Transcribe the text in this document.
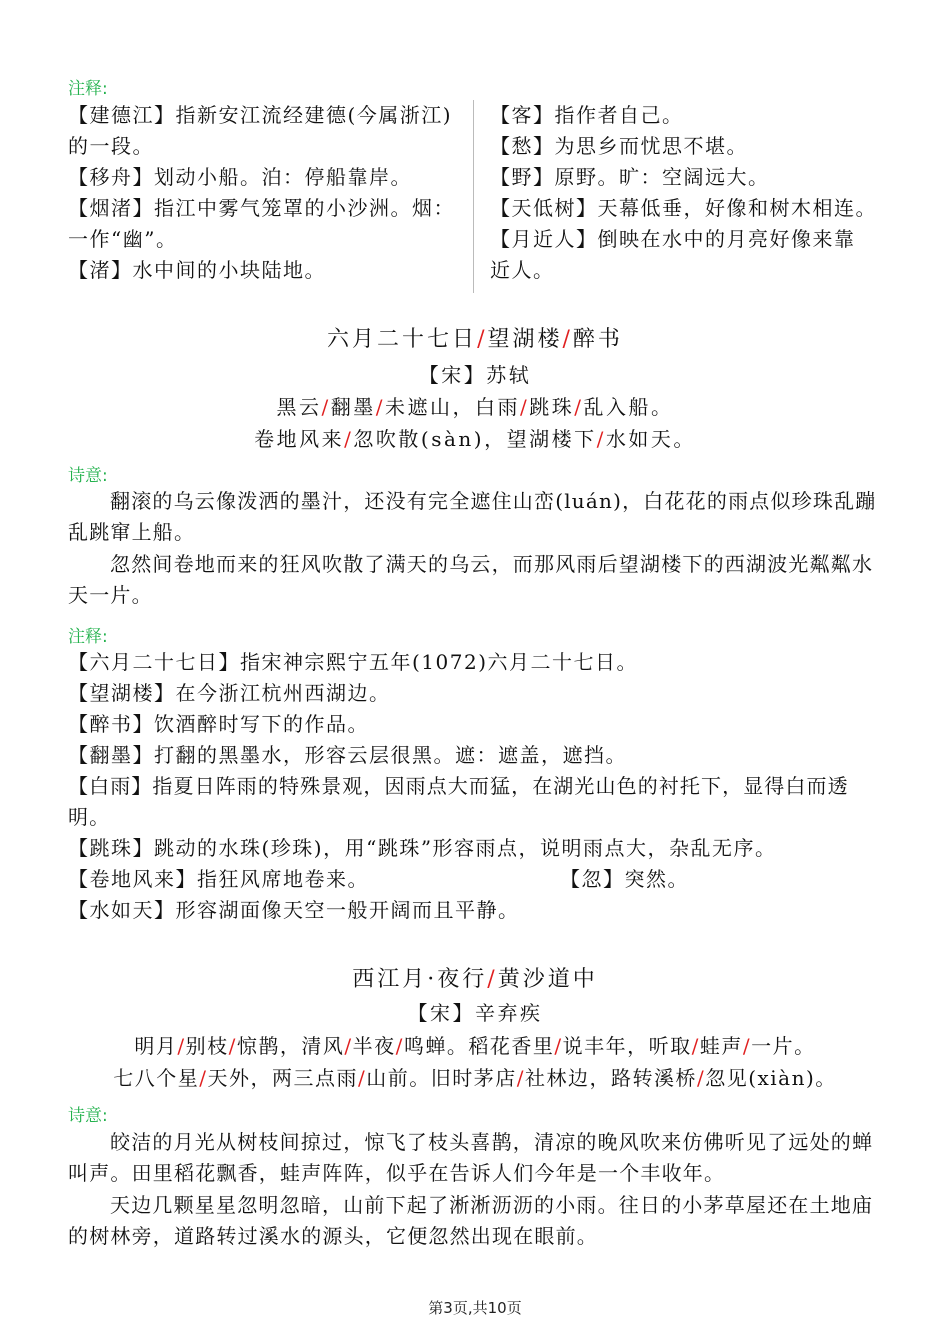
注释:
【建德江】指新安江流经建德(今属浙江)
的一段。
【移舟】划动小船。泊：停船靠岸。
【烟渚】指江中雾气笼罩的小沙洲。烟：
一作“幽”。
【渚】水中间的小块陆地。
【客】指作者自己。
【愁】为思乡而忧思不堪。
【野】原野。旷：空阔远大。
【天低树】天幕低垂，好像和树木相连。
【月近人】倒映在水中的月亮好像来靠
近人。
六月二十七日/望湖楼/醉书
【宋】苏轼
黑云/翻墨/未遮山，白雨/跳珠/乱入船。
卷地风来/忽吹散(sàn)，望湖楼下/水如天。
诗意:
翻滚的乌云像泼洒的墨汁，还没有完全遮住山峦(luán)，白花花的雨点似珍珠乱蹦乱跳窜上船。
忽然间卷地而来的狂风吹散了满天的乌云，而那风雨后望湖楼下的西湖波光粼粼水天一片。
注释:
【六月二十七日】指宋神宗熙宁五年(1072)六月二十七日。
【望湖楼】在今浙江杭州西湖边。
【醉书】饮酒醉时写下的作品。
【翻墨】打翻的黑墨水，形容云层很黑。遮：遮盖，遮挡。
【白雨】指夏日阵雨的特殊景观，因雨点大而猛，在湖光山色的衬托下，显得白而透明。
【跳珠】跳动的水珠(珍珠)，用“跳珠”形容雨点，说明雨点大，杂乱无序。
【卷地风来】指狂风席地卷来。	【忽】突然。
【水如天】形容湖面像天空一般开阔而且平静。
西江月·夜行/黄沙道中
【宋】辛弃疾
明月/别枝/惊鹊，清风/半夜/鸣蝉。稻花香里/说丰年，听取/蛙声/一片。
七八个星/天外，两三点雨/山前。旧时茅店/社林边，路转溪桥/忽见(xiàn)。
诗意:
皎洁的月光从树枝间掠过，惊飞了枝头喜鹊，清凉的晚风吹来仿佛听见了远处的蝉叫声。田里稻花飘香，蛙声阵阵，似乎在告诉人们今年是一个丰收年。
天边几颗星星忽明忽暗，山前下起了淅淅沥沥的小雨。往日的小茅草屋还在土地庙的树林旁，道路转过溪水的源头，它便忽然出现在眼前。
第3页,共10页
